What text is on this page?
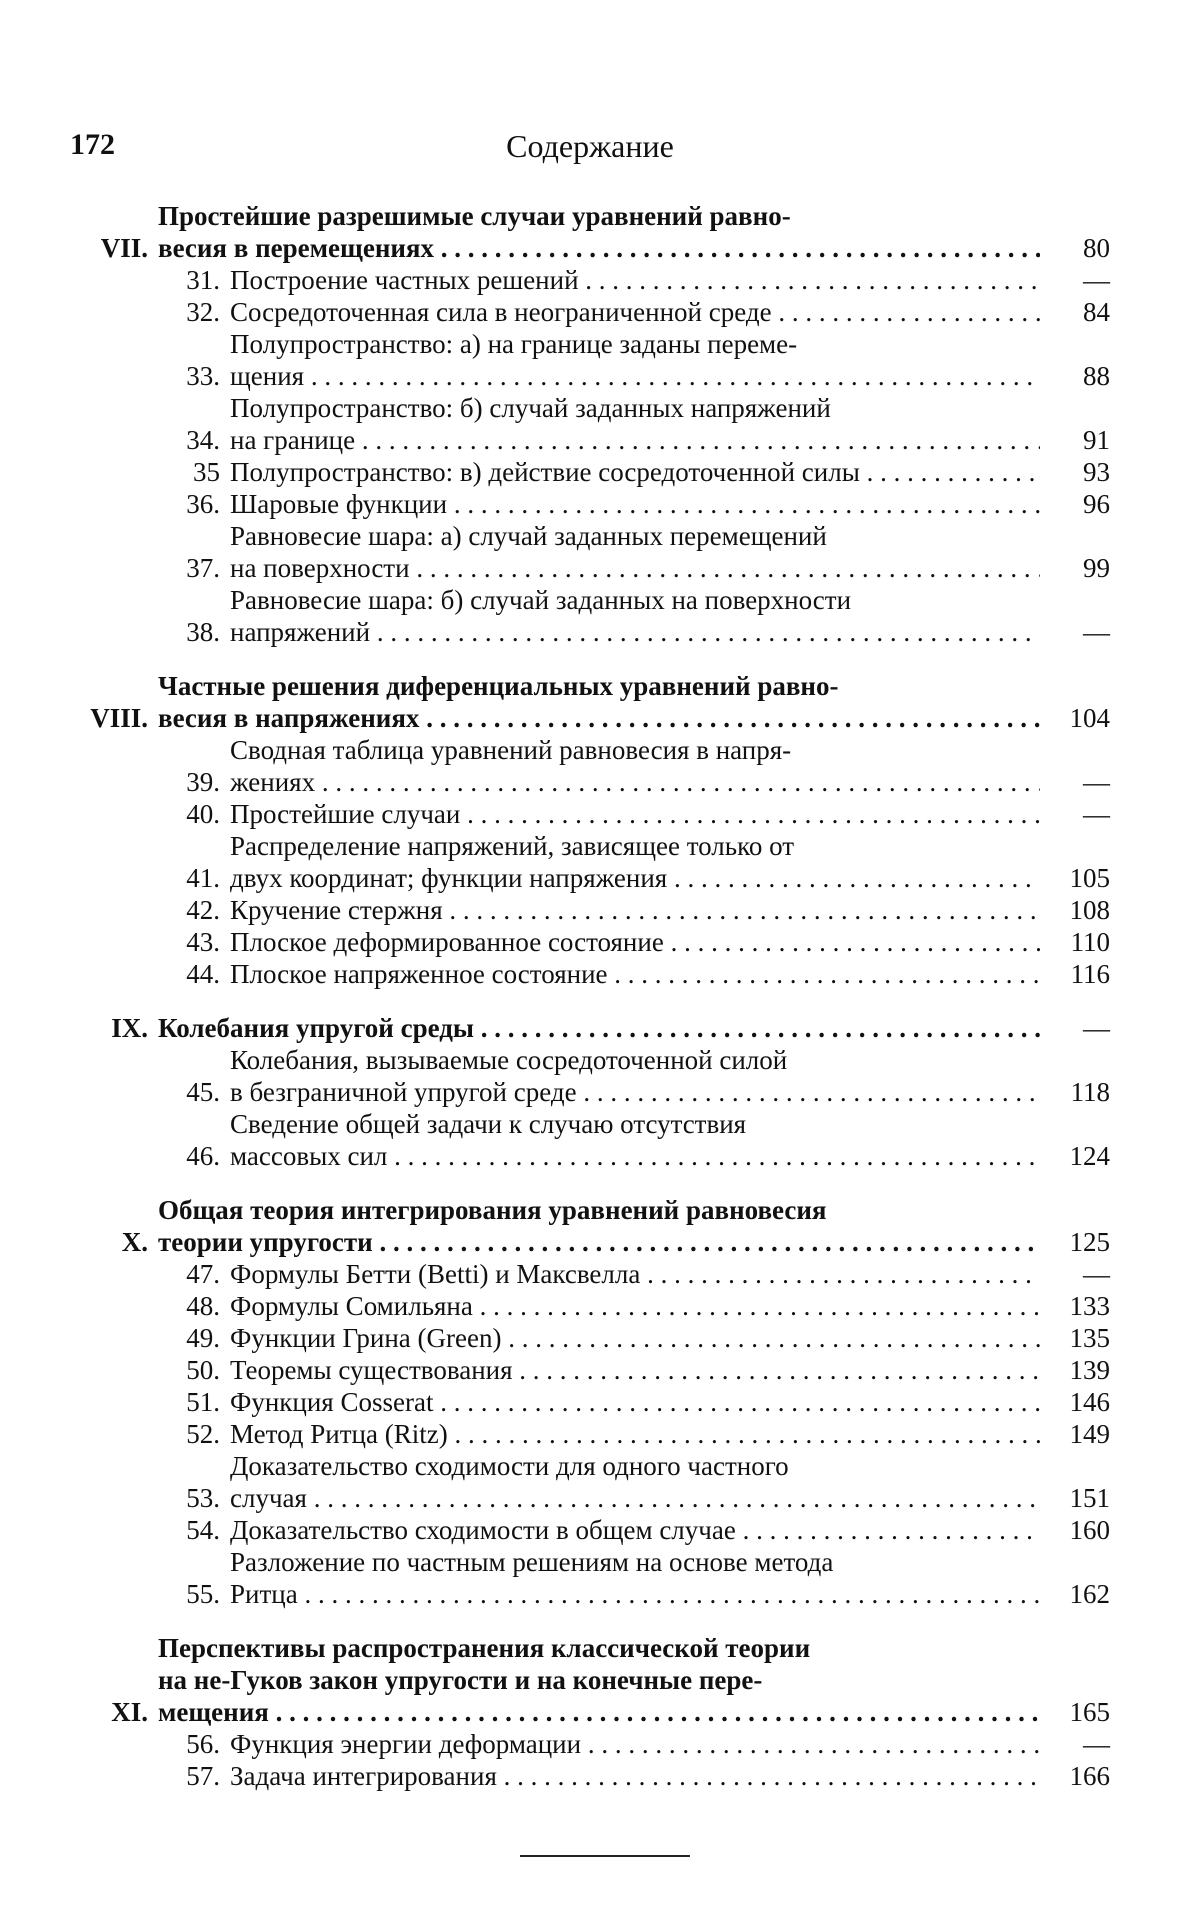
172	Содержание
VII.
Простейшие разрешимые случаи уравнений равно-
весия в перемещениях . . .	80
31. Построение частных решений . . .	—
32. Сосредоточенная сила в неограниченной среде . . .	84
33.
Полупространство: а) на границе заданы переме-
щения . . .	88
34.
Полупространство: б) случай заданных напряжений
на границе . . .	91
35 Полупространство: в) действие сосредоточенной силы . . .	93
36. Шаровые функции . . .	96
37.
Равновесие шара: а) случай заданных перемещений
на поверхности . . .	99
38.
Равновесие шара: б) случай заданных на поверхности
напряжений . . .	—
VIII.
Частные решения диференциальных уравнений равно-
весия в напряжениях . . .	104
39.
Сводная таблица уравнений равновесия в напря-
жениях . . .	—
40. Простейшие случаи . . .	—
41.
Распределение напряжений, зависящее только от
двух координат; функции напряжения . . .	105
42. Кручение стержня . . .	108
43. Плоское деформированное состояние . . .	110
44. Плоское напряженное состояние . . .	116
IX. Колебания упругой среды . . .	—
45.
Колебания, вызываемые сосредоточенной силой
в безграничной упругой среде . . .	118
46.
Сведение общей задачи к случаю отсутствия
массовых сил . . .	124
X.
Общая теория интегрирования уравнений равновесия
теории упругости . . .	125
47. Формулы Бетти (Betti) и Максвелла . . .	—
48. Формулы Сомильяна . . .	133
49. Функции Грина (Green) . . .	135
50. Теоремы существования . . .	139
51. Функция Cosserat . . .	146
52. Метод Ритца (Ritz) . . .	149
53.
Доказательство сходимости для одного частного
случая . . .	151
54. Доказательство сходимости в общем случае . . .	160
55.
Разложение по частным решениям на основе метода
Ритца . . .	162
XI.
Перспективы распространения классической теории
на не-Гуков закон упругости и на конечные пере-
мещения . . .	165
56. Функция энергии деформации . . .	—
57. Задача интегрирования . . .	166
